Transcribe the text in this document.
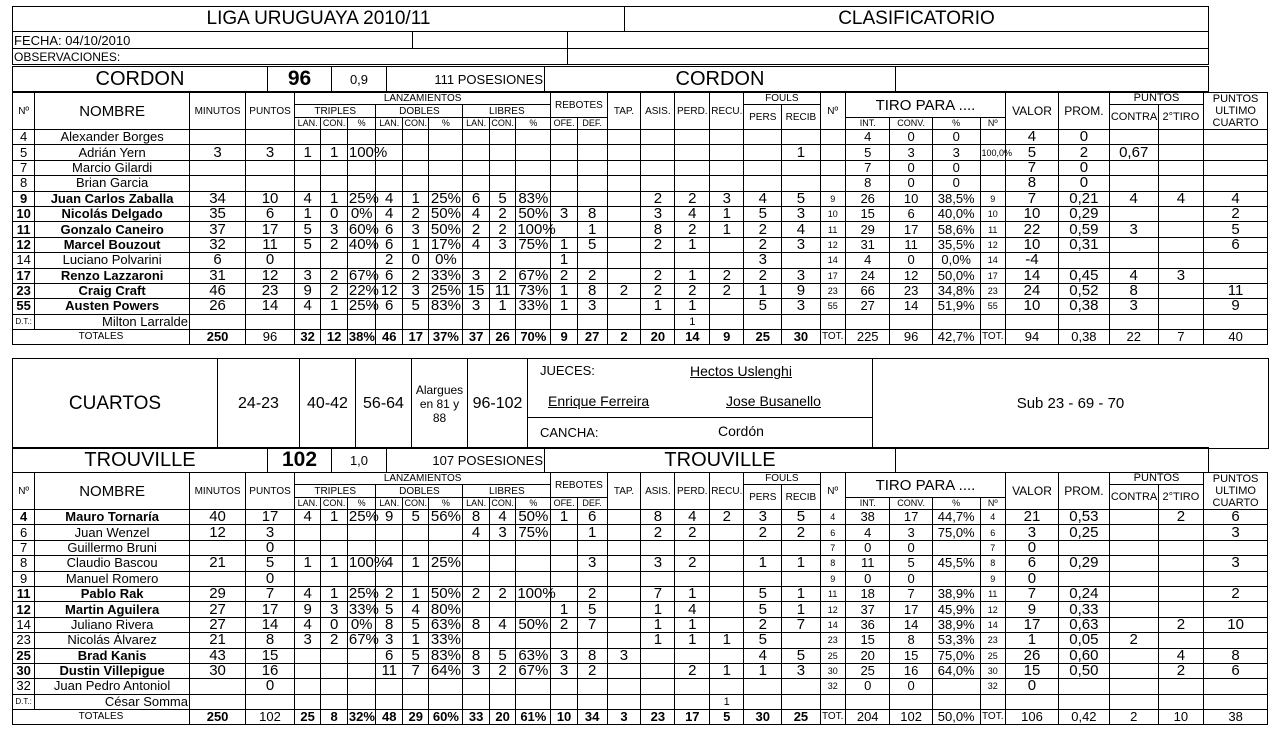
LIGA URUGUAYA 2010/11	CLASIFICATORIO
FECHA: 04/10/2010		
OBSERVACIONES:		
CORDON	96	0,9	111 POSESIONES	CORDON	
Nº	NOMBRE	MINUTOS	PUNTOS	LANZAMIENTOS									REBOTES		TAP.	ASIS.	PERD.	RECU.	FOULS		Nº	TIRO PARA ....				VALOR	PROM.	PUNTOS		PUNTOS
ULTIMO
CUARTO

				TRIPLES			DOBLES			LIBRES									PERS	RECIB								CONTRA	2°TIRO	
				LAN.	CON.	%	LAN.	CON.	%	LAN.	CON.	%	OFE.	DEF.								INT.	CONV.	%	Nº					
4	Alexander Borges																					4	0	0		4	0			
5	Adrián Yern	3	3	1	1	100%														1		5	3	3	100,0%	5	2	0,67		
7	Marcio Gilardi																					7	0	0		7	0			
8	Brian Garcia																					8	0	0		8	0			
9	Juan Carlos Zaballa	34	10	4	1	25%	4	1	25%	6	5	83%				2	2	3	4	5	9	26	10	38,5%	9	7	0,21	4	4	4
10	Nicolás Delgado	35	6	1	0	0%	4	2	50%	4	2	50%	3	8		3	4	1	5	3	10	15	6	40,0%	10	10	0,29			2
11	Gonzalo Caneiro	37	17	5	3	60%	6	3	50%	2	2	100%		1		8	2	1	2	4	11	29	17	58,6%	11	22	0,59	3		5
12	Marcel Bouzout	32	11	5	2	40%	6	1	17%	4	3	75%	1	5		2	1		2	3	12	31	11	35,5%	12	10	0,31			6
14	Luciano Polvarini	6	0				2	0	0%				1						3		14	4	0	0,0%	14	-4				
17	Renzo Lazzaroni	31	12	3	2	67%	6	2	33%	3	2	67%	2	2		2	1	2	2	3	17	24	12	50,0%	17	14	0,45	4	3	
23	Craig Craft	46	23	9	2	22%	12	3	25%	15	11	73%	1	8	2	2	2	2	1	9	23	66	23	34,8%	23	24	0,52	8		11
55	Austen Powers	26	14	4	1	25%	6	5	83%	3	1	33%	1	3		1	1		5	3	55	27	14	51,9%	55	10	0,38	3		9
D.T.:	Milton Larralde																1													
TOTALES		250	96	32	12	38%	46	17	37%	37	26	70%	9	27	2	20	14	9	25	30	TOT.	225	96	42,7%	TOT.	94	0,38	22	7	40
CUARTOS	24-23	40-42	56-64	Alargues en 81 y 88	96-102	
JUECES:	Hectos Uslenghi
Enrique Ferreira	Jose Busanello
CANCHA:	Cordón
	Sub 23 - 69 - 70
TROUVILLE	102	1,0	107 POSESIONES	TROUVILLE	
Nº	NOMBRE	MINUTOS	PUNTOS	LANZAMIENTOS									REBOTES		TAP.	ASIS.	PERD.	RECU.	FOULS		Nº	TIRO PARA ....				VALOR	PROM.	PUNTOS		PUNTOS
ULTIMO
CUARTO

				TRIPLES			DOBLES			LIBRES									PERS	RECIB								CONTRA	2°TIRO	
				LAN.	CON.	%	LAN.	CON.	%	LAN.	CON.	%	OFE.	DEF.								INT.	CONV.	%	Nº					
4	Mauro Tornaría	40	17	4	1	25%	9	5	56%	8	4	50%	1	6		8	4	2	3	5	4	38	17	44,7%	4	21	0,53		2	6
6	Juan Wenzel	12	3							4	3	75%		1		2	2		2	2	6	4	3	75,0%	6	3	0,25			3
7	Guillermo Bruni		0																		7	0	0		7	0				
8	Claudio Bascou	21	5	1	1	100%	4	1	25%					3		3	2		1	1	8	11	5	45,5%	8	6	0,29			3
9	Manuel Romero		0																		9	0	0		9	0				
11	Pablo Rak	29	7	4	1	25%	2	1	50%	2	2	100%		2		7	1		5	1	11	18	7	38,9%	11	7	0,24			2
12	Martin Aguilera	27	17	9	3	33%	5	4	80%				1	5		1	4		5	1	12	37	17	45,9%	12	9	0,33			
14	Juliano Rivera	27	14	4	0	0%	8	5	63%	8	4	50%	2	7		1	1		2	7	14	36	14	38,9%	14	17	0,63		2	10
23	Nicolás Álvarez	21	8	3	2	67%	3	1	33%							1	1	1	5		23	15	8	53,3%	23	1	0,05	2		
25	Brad Kanis	43	15				6	5	83%	8	5	63%	3	8	3				4	5	25	20	15	75,0%	25	26	0,60		4	8
30	Dustin Villepigue	30	16				11	7	64%	3	2	67%	3	2			2	1	1	3	30	25	16	64,0%	30	15	0,50		2	6
32	Juan Pedro Antoniol		0																		32	0	0		32	0				
D.T.:	César Somma																	1												
TOTALES		250	102	25	8	32%	48	29	60%	33	20	61%	10	34	3	23	17	5	30	25	TOT.	204	102	50,0%	TOT.	106	0,42	2	10	38
